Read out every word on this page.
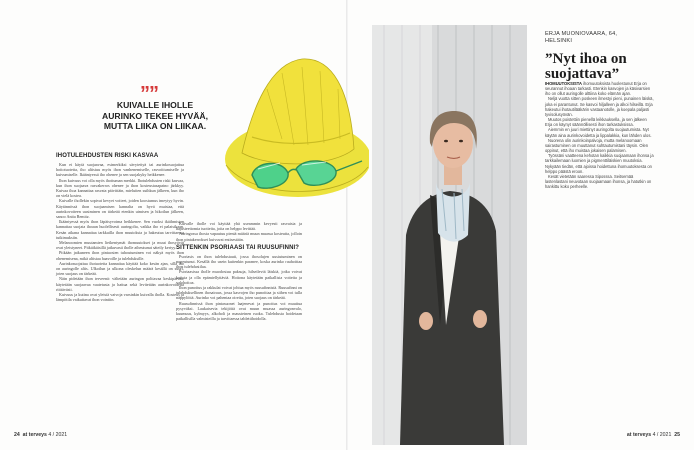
””
KUIVALLE IHOLLE AURINKO TEKEE HYVÄÄ, MUTTA LIIKA ON LIIKAA.
IHOTULEHDUSTEN RISKI KASVAA

Kun ei käytä suojaavaa, esimerkiksi sävytettyä tai aurinkosuojattua hoitotuotetta, iho altistuu myös ihon vanhenemiselle, rasvoittumiselle ja kuivumiselle. Ikääntyessä iho ohenee ja sen suojakyky heikkenee.

Ihon kuivuus voi olla myös ihottuman merkki. Ihotulehdusten riski kasvaa, kun ihon suojaava rasvakerros ohenee ja ihon kosteustasapaino järkkyy. Kuivaa ihoa kannattaa rasvata päivittäin, mieluiten suihkun jälkeen, kun iho on vielä kostea.

Kuivalle ihollekin sopivat kevyet voiteet, joiden koostumus imeytyy hyvin. Käytännössä ihon suojaamisen kannalta on hyvä muistaa, että aurinkovoiteen uusiminen on tärkeää etenkin uimisen ja hikoilun jälkeen, sanoo Anita Remitz.

Ikääntyessä myös ihon läpäisyvoima heikkenee. Sen vuoksi ikäihmisten kannattaa suojata ihoaan huolellisesti auringolta, vaikka iho ei palaisikaan. Kesän aikana kannattaa tarkkailla ihon muutoksia ja hakeutua tarvittaessa tutkimuksiin.

Melanoomien muutamien lieikentymät ihomuutokset ja muut ihosyövät ovat yleistyneet. Pitkäikäisillä jatkuvasti iholle aiheutunut säteily kertyy.

Pitkään jatkuneen ihon pintaosien tuhoutuminen voi näkyä myös ihon ohenemisena, mikä altistaa haavoille ja tulehduksille.

Aurinkosuojattua ihotuotetta kannattaa käyttää koko kesän ajan, sillä iho on auringolle altis. Ulkoilun ja ulkona oleskelun määrä kesällä on suuri, joten suojaus on tärkeää.

Näin pidetään ihon terveenä: vältetään auringon polttavaa keskipäivää, käytetään suojaavaa vaatetusta ja hattua sekä levitetään aurinkovoidetta riittävästi.

Kuivuus ja kutina ovat yleisiä vaivoja varsinkin kuivalla iholla. Kosteus ja lämpötila vaikuttavat ihon vointiin.

Kuivalle iholle voi käyttää yhä useammin kevyesti rasvaisia ja hajusteettomia tuotteita, joita on helppo levittää.

Auringossa ihosta vapautuu pieniä määriä muun muassa kosteutta, jolloin ihon pintakerrokset kuivuvat entisestään.

SITTENKIN PSORIAASI TAI RUUSUFINNI?

Psoriasis on ihon tulehdustauti, jossa ihosolujen uusiutuminen on nopeutunut. Kesällä iho usein kuitenkin paranee, koska aurinko rauhoittaa ihon tulehdustilaa.

Psoriaasissa iholle muodostuu paksuja, hilseileviä läiskiä, jotka voivat kutista ja olla epämiellyttäviä. Hoitona käytetään paikallisia voiteita ja valohoitoa.

Ihon punoitus ja rakkulat voivat johtua myös ruusufinnistä. Ruusufinni on tulehduksellinen ihosairaus, jossa kasvojen iho punoittaa ja siihen voi tulla näppylöitä. Aurinko voi pahentaa oireita, joten suojaus on tärkeää.

Ruusufinnissä ihon pintasuonet laajenevat ja punoitus voi muuttua pysyväksi. Laukaisevia tekijöitä ovat muun muassa auringonvalo, kuumuus, kylmyys, alkoholi ja mausteinen ruoka. Tulehdusta hoidetaan paikallisilla valmisteilla ja tarvittaessa tablettihoidolla.

24 at terveys 4 / 2021
ERJA MUONIOVAARA, 64,
HELSINKI
”Nyt ihoa on suojattava”

IHOMUUTOKSISTA ihomuutoksista huolestunut Erja on seurannut ihoaan tarkasti. Etenkin kasvojen ja käsivarsien iho on ollut auringolle alttiina koko elämän ajan.

Neljä vuotta sitten poskeen ilmestyi pieni, punainen läiskä, joka ei parantunut. Se kasvoi hiljalleen ja alkoi hilseillä. Erja hakeutui ihotautilääkärin vastaanotolle, ja koepala paljasti tyvisolusyövän.

Muutos poistettiin pienellä leikkauksella, ja sen jälkeen Erja on käynyt säännöllisesti ihon tarkastuksissa.

Aiemmin en juuri miettinyt auringolta suojautumista. Nyt käytän aina aurinkovoidetta ja lippalakkia, kun lähden ulos.

Nuorena olin aurinkoinpalvoja, mutta melanoomaan sairastuminen on muuttanut suhtautumistani täysin. Olen oppinut, että iho muistaa jokaisen palamisen.

Työssäni vaatteena kehotan kaikkia suojaamaan ihonsa ja tarkkailemaan luomien ja pigmenttiläiskien muutoksia. Nykyään tiedän, että ajoissa hoidettuna ihomuutoksesta on helppo päästä eroon.

Kesät vietetään saaressa Siposssa. Seitsemää lastenlastani neuvotaan suojaamaan ihonsa, ja hatutkin on hankittu koko perheelle.

at terveys 4 / 2021 25
